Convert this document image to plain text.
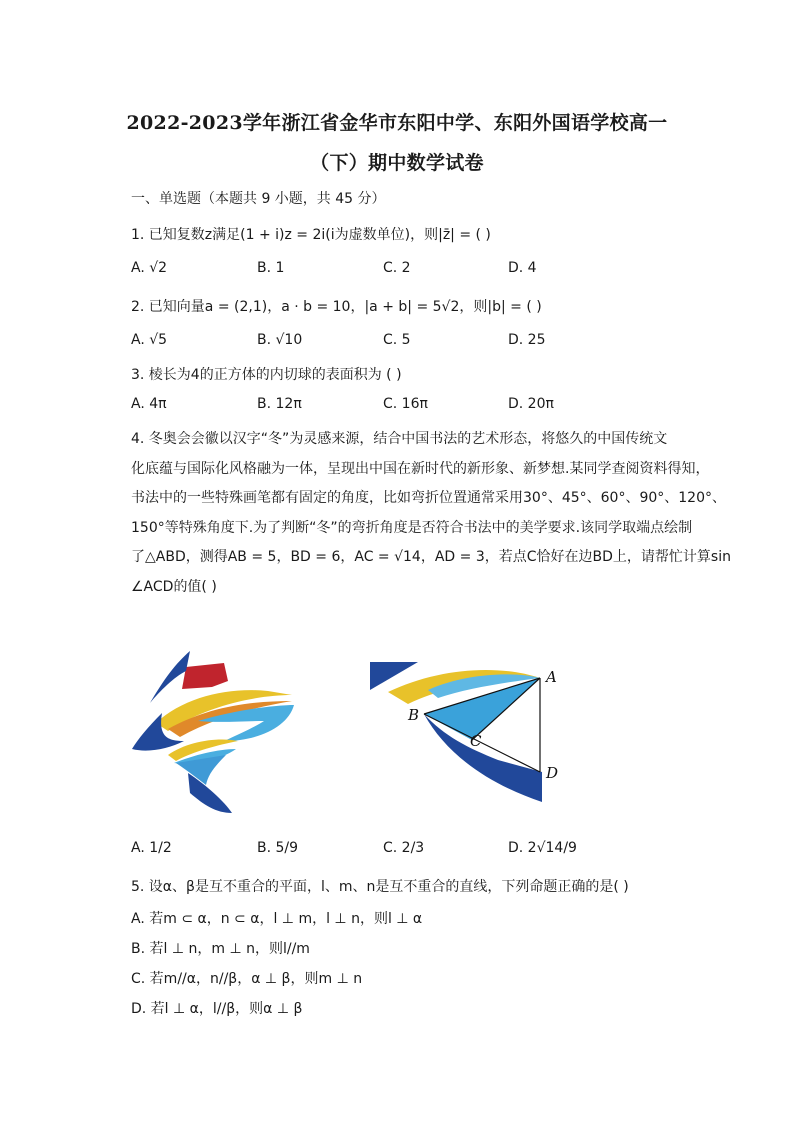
2022-2023学年浙江省金华市东阳中学、东阳外国语学校高一
（下）期中数学试卷
一、单选题（本题共 9 小题，共 45 分）
1. 已知复数z满足(1 + i)z = 2i(i为虚数单位)，则|z̄| = ( )
A. √2	B. 1	C. 2	D. 4
2. 已知向量a = (2,1)，a · b = 10，|a + b| = 5√2，则|b| = ( )
A. √5	B. √10	C. 5	D. 25
3. 棱长为4的正方体的内切球的表面积为 ( )
A. 4π	B. 12π	C. 16π	D. 20π
4. 冬奥会会徽以汉字“冬”为灵感来源，结合中国书法的艺术形态，将悠久的中国传统文
化底蕴与国际化风格融为一体，呈现出中国在新时代的新形象、新梦想.某同学查阅资料得知，
书法中的一些特殊画笔都有固定的角度，比如弯折位置通常采用30°、45°、60°、90°、120°、
150°等特殊角度下.为了判断“冬”的弯折角度是否符合书法中的美学要求.该同学取端点绘制
了△ABD，测得AB = 5，BD = 6，AC = √14，AD = 3，若点C恰好在边BD上，请帮忙计算sin
∠ACD的值( )
A
B
C
D
A. 1/2	B. 5/9	C. 2/3	D. 2√14/9
5. 设α、β是互不重合的平面，l、m、n是互不重合的直线，下列命题正确的是( )
A. 若m ⊂ α，n ⊂ α，l ⊥ m，l ⊥ n，则l ⊥ α
B. 若l ⊥ n，m ⊥ n，则l//m
C. 若m//α，n//β，α ⊥ β，则m ⊥ n
D. 若l ⊥ α，l//β，则α ⊥ β
